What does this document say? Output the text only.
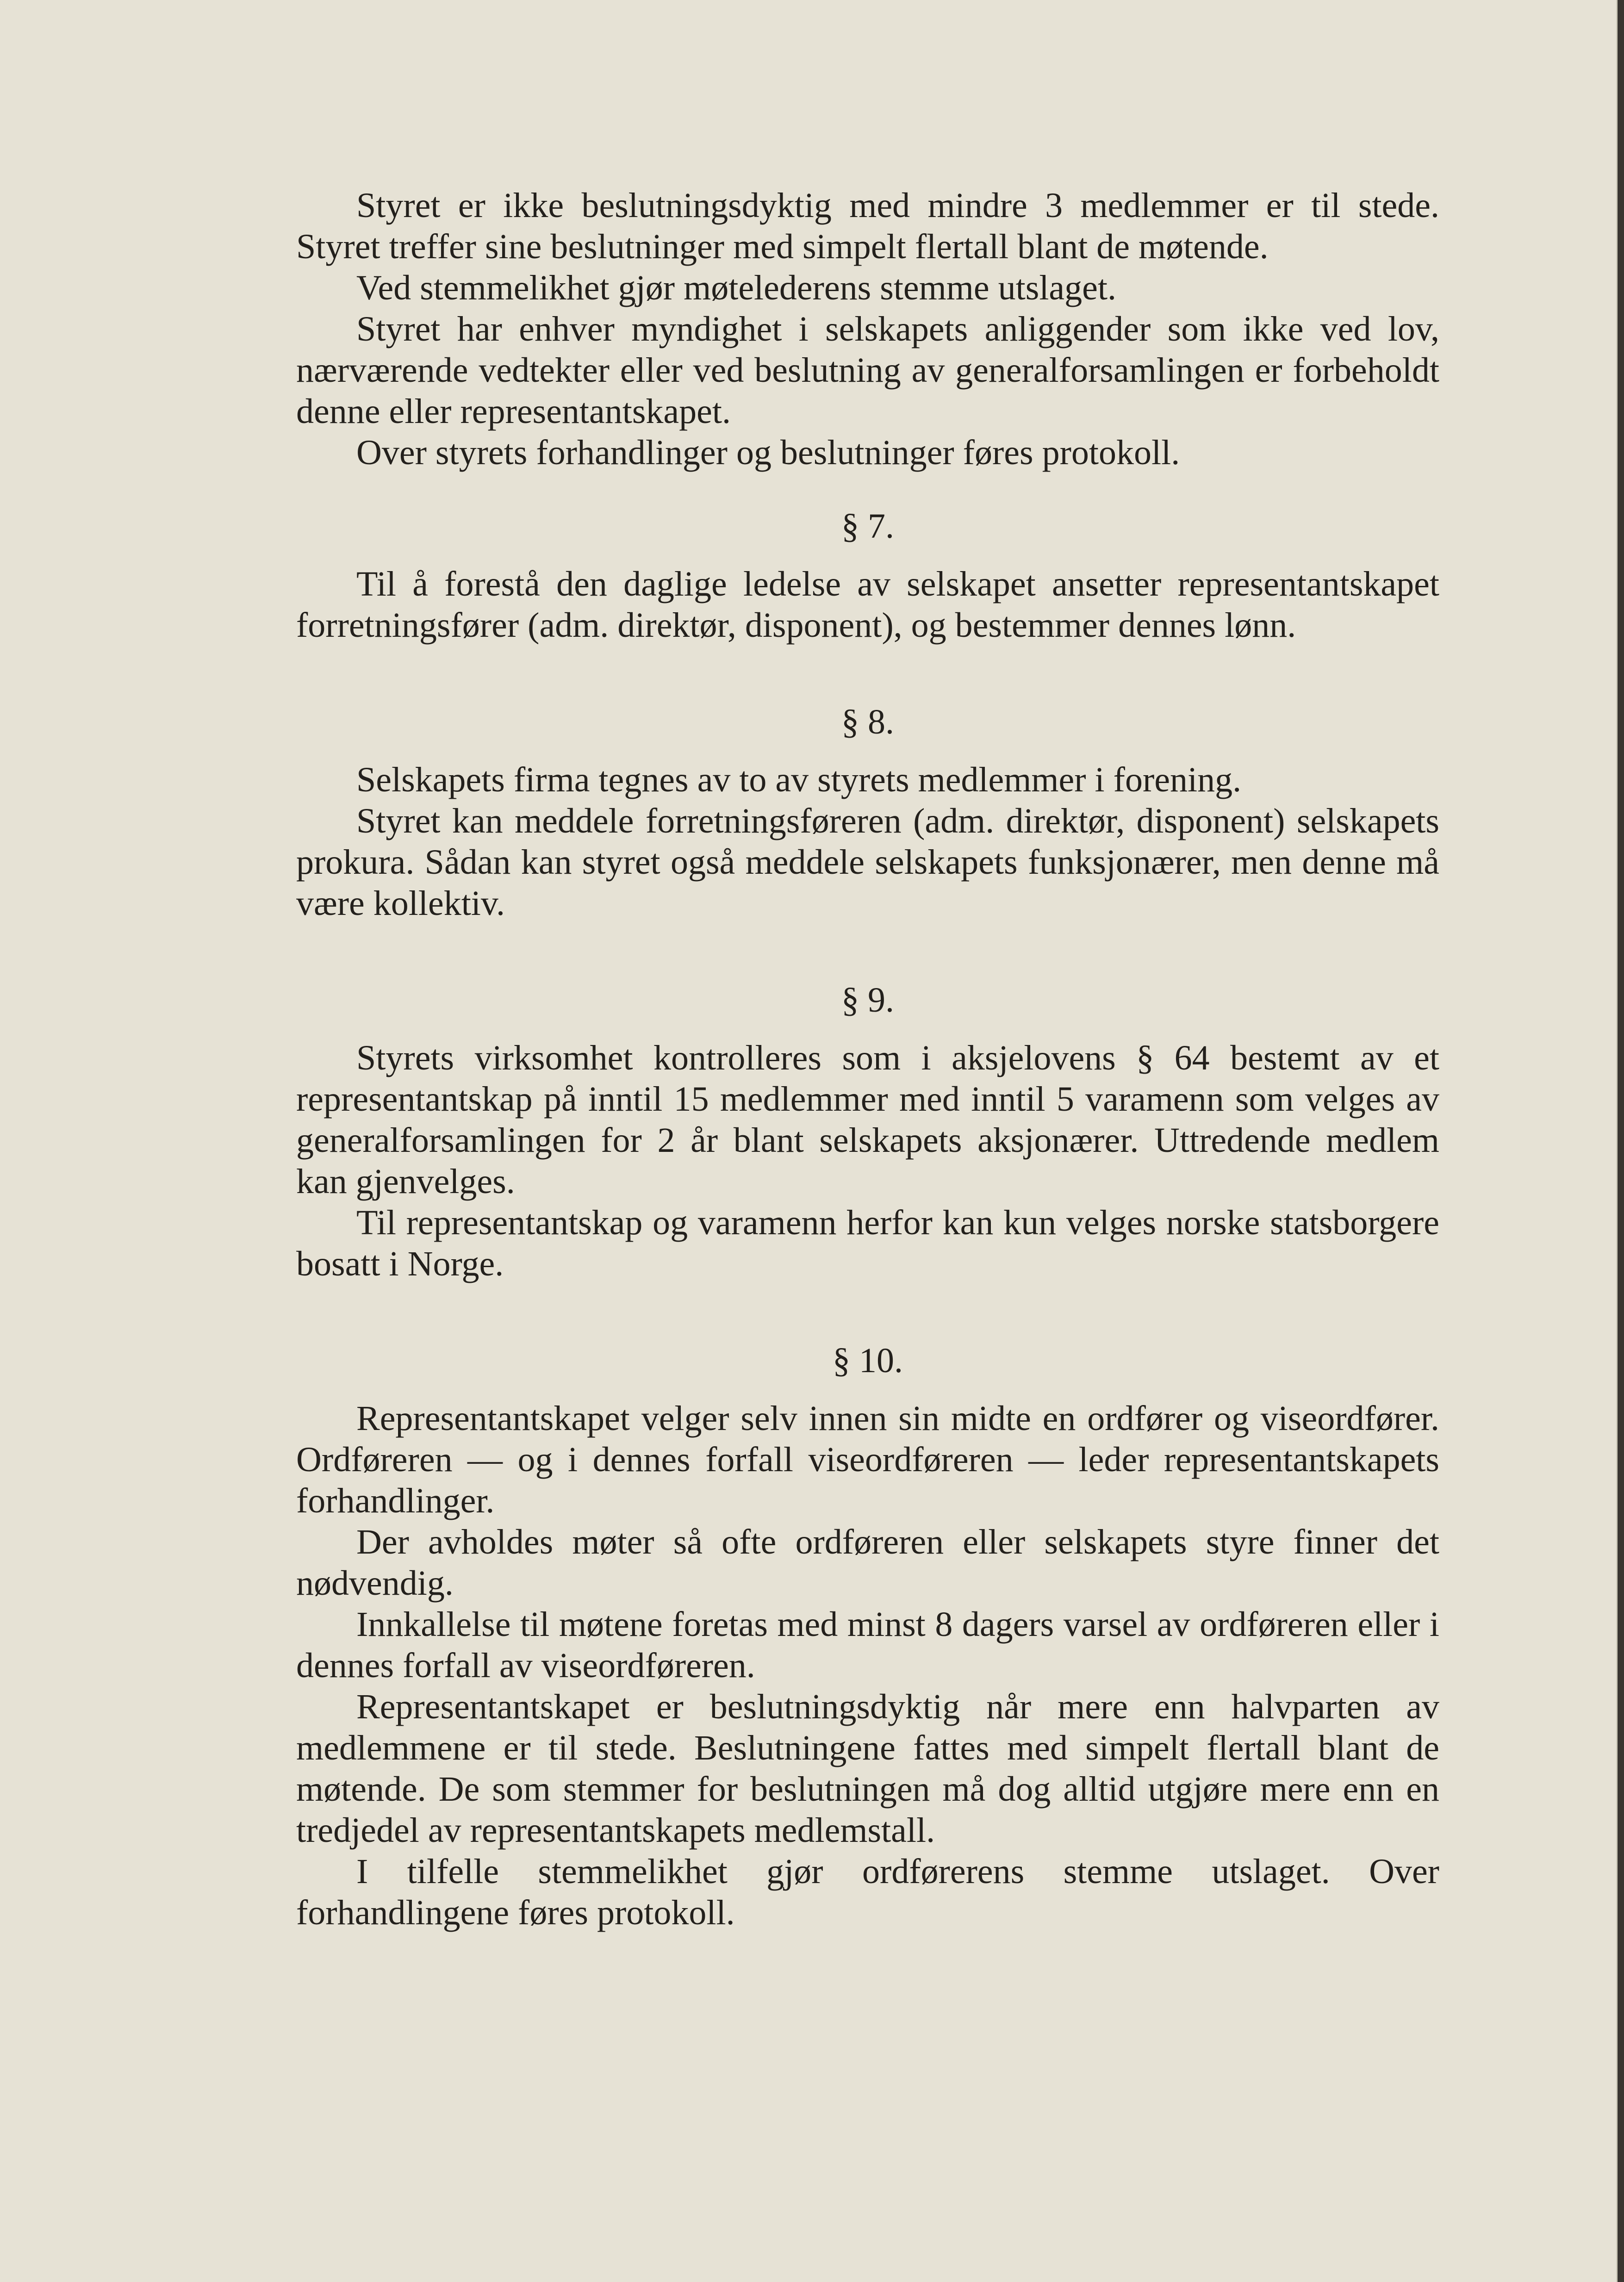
Styret er ikke beslutningsdyktig med mindre 3 medlemmer er til stede. Styret treffer sine beslutninger med simpelt flertall blant de møtende.

Ved stemmelikhet gjør møtelederens stemme utslaget.

Styret har enhver myndighet i selskapets anliggender som ikke ved lov, nærværende vedtekter eller ved beslutning av generalforsamlingen er forbeholdt denne eller representantskapet.

Over styrets forhandlinger og beslutninger føres protokoll.

§ 7.

Til å forestå den daglige ledelse av selskapet ansetter representantskapet forretningsfører (adm. direktør, disponent), og bestemmer dennes lønn.

§ 8.

Selskapets firma tegnes av to av styrets medlemmer i forening.

Styret kan meddele forretningsføreren (adm. direktør, disponent) selskapets prokura. Sådan kan styret også meddele selskapets funksjonærer, men denne må være kollektiv.

§ 9.

Styrets virksomhet kontrolleres som i aksjelovens § 64 bestemt av et representantskap på inntil 15 medlemmer med inntil 5 varamenn som velges av generalforsamlingen for 2 år blant selskapets aksjonærer. Uttredende medlem kan gjenvelges.

Til representantskap og varamenn herfor kan kun velges norske statsborgere bosatt i Norge.

§ 10.

Representantskapet velger selv innen sin midte en ordfører og viseordfører. Ordføreren — og i dennes forfall viseordføreren — leder representantskapets forhandlinger.

Der avholdes møter så ofte ordføreren eller selskapets styre finner det nødvendig.

Innkallelse til møtene foretas med minst 8 dagers varsel av ordføreren eller i dennes forfall av viseordføreren.

Representantskapet er beslutningsdyktig når mere enn halvparten av medlemmene er til stede. Beslutningene fattes med simpelt flertall blant de møtende. De som stemmer for beslutningen må dog alltid utgjøre mere enn en tredjedel av representantskapets medlemstall.

I tilfelle stemmelikhet gjør ordførerens stemme utslaget. Over forhandlingene føres protokoll.
